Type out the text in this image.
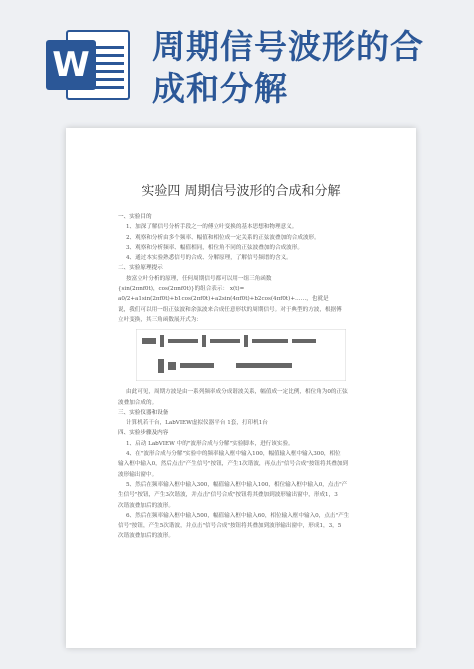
W 周期信号波形的合成和分解
实验四 周期信号波形的合成和分解

一、实验目的

1、加深了解信号分析手段之一的傅立叶变换的基本思想和物理意义。

2、观察和分析由多个频率、幅值和相位成一定关系的正弦波叠加的合成波形。

3、观察和分析频率、幅值相同，相位角不同的正弦波叠加的合成波形。

4、通过本实验熟悉信号的合成、分解原理，了解信号频谱的含义。

二、实验原理提示

按富立叶分析的原理，任何周期信号都可以用一组三角函数

{sin(2πnf0t)，cos(2πnf0t)}的组合表示： x(t)=

a0/2+a1sin(2πf0t)+b1cos(2πf0t)+a2sin(4πf0t)+b2cos(4πf0t)+……，也就是

说，我们可以用一组正弦波和余弦波来合成任意形状的周期信号。对于典型的方波，根据傅

立叶变换，其三角函数展开式为：

由此可见，周期方波是由一系列频率成分成谐波关系，幅值成一定比例，相位角为0的正弦

波叠加合成的。

三、实验仪器和设备

计算机若干台，LabVIEW虚拟仪器平台 1套，打印机1台

四、实验步骤及内容

1、启动 LabVIEW 中的"波形合成与分解"实验脚本，进行该实验。

4、在"波形合成与分解"实验中的频率输入框中输入100，幅值输入框中输入300，相位

输入框中输入0，然后点击"产生信号"按钮，产生1次谐波，再点击"信号合成"按钮将其叠加到

波形输出窗中。

5、然后在频率输入框中输入300，幅值输入框中输入100，相位输入框中输入0，点击"产

生信号"按钮，产生3次谐波，并点击"信号合成"按钮将其叠加到波形输出窗中，形成1，3

次谐波叠加后的波形。

6、然后在频率输入框中输入500，幅值输入框中输入60，相位输入框中输入0，点击"产生

信号"按钮，产生5次谐波，并点击"信号合成"按钮将其叠加到波形输出窗中，形成1，3，5

次谐波叠加后的波形。
